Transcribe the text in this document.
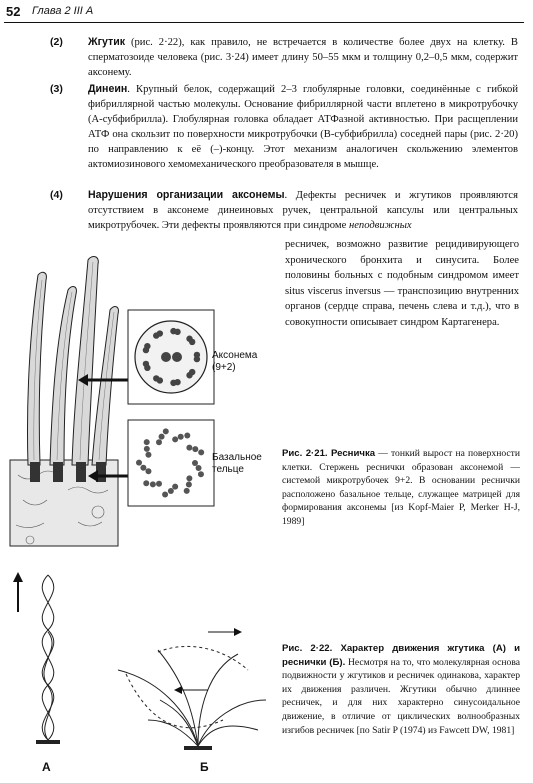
52 Глава 2 III А
(2) Жгутик (рис. 2·22), как правило, не встречается в количестве более двух на клетку. В сперматозоиде человека (рис. 3·24) имеет длину 50–55 мкм и толщину 0,2–0,5 мкм, содержит аксонему.
(3) Динеин. Крупный белок, содержащий 2–3 глобулярные головки, соединённые с гибкой фибриллярной частью молекулы. Основание фибриллярной части вплетено в микротрубочку (А-субфибрилла). Глобулярная головка обладает АТФазной активностью. При расщеплении АТФ она скользит по поверхности микротрубочки (В-субфибрилла) соседней пары (рис. 2·20) по направлению к её (–)-концу. Этот механизм аналогичен скольжению элементов актомиозинового хемомеханического преобразователя в мышце.
(4) Нарушения организации аксонемы. Дефекты ресничек и жгутиков проявляются отсутствием в аксонеме динеиновых ручек, центральной капсулы или центральных микротрубочек. Эти дефекты проявляются при синдроме неподвижных
ресничек, возможно развитие рецидивирующего хронического бронхита и синусита. Более половины больных с подобным синдромом имеет situs viscerus inversus — транспозицию внутренних органов (сердце справа, печень слева и т.д.), что в совокупности описывает синдром Картагенера.
Аксонема
(9+2)
Базальное
тельце
Рис. 2·21. Ресничка — тонкий вырост на поверхности клетки. Стержень реснички образован аксонемой — системой микротрубочек 9+2. В основании реснички расположено базальное тельце, служащее матрицей для формирования аксонемы [из Kopf-Maier P, Merker H-J, 1989]
А	Б
Рис. 2·22. Характер движения жгутика (А) и реснички (Б). Несмотря на то, что молекулярная основа подвижности у жгутиков и ресничек одинакова, характер их движения различен. Жгутики обычно длиннее ресничек, и для них характерно синусоидальное движение, в отличие от циклических волнообразных изгибов ресничек [по Satir P (1974) из Fawcett DW, 1981]
